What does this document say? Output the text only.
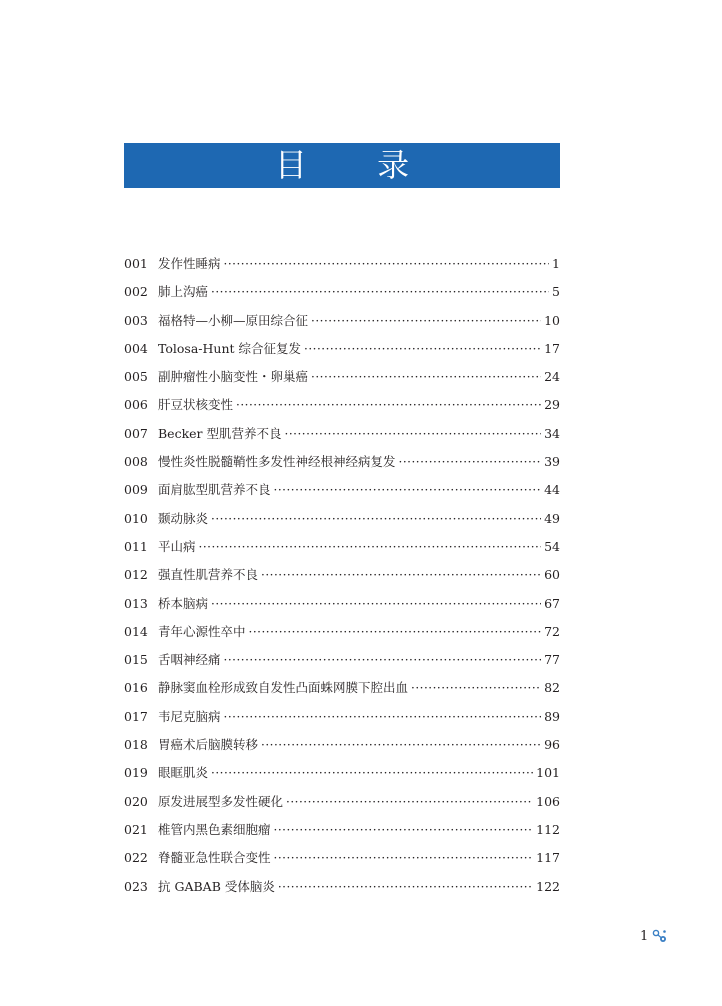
目 录
001 发作性睡病 ·····	1
002 肺上沟癌 ·····	5
003 福格特—小柳—原田综合征 ·····	10
004 Tolosa-Hunt 综合征复发 ·····	17
005 副肿瘤性小脑变性・卵巢癌 ·····	24
006 肝豆状核变性 ·····	29
007 Becker 型肌营养不良 ·····	34
008 慢性炎性脱髓鞘性多发性神经根神经病复发 ·····	39
009 面肩肱型肌营养不良 ·····	44
010 颞动脉炎 ·····	49
011 平山病 ·····	54
012 强直性肌营养不良 ·····	60
013 桥本脑病 ·····	67
014 青年心源性卒中 ·····	72
015 舌咽神经痛 ·····	77
016 静脉窦血栓形成致自发性凸面蛛网膜下腔出血 ·····	82
017 韦尼克脑病 ·····	89
018 胃癌术后脑膜转移 ·····	96
019 眼眶肌炎 ·····	101
020 原发进展型多发性硬化 ·····	106
021 椎管内黑色素细胞瘤 ·····	112
022 脊髓亚急性联合变性 ·····	117
023 抗 GABAB 受体脑炎 ·····	122
1
